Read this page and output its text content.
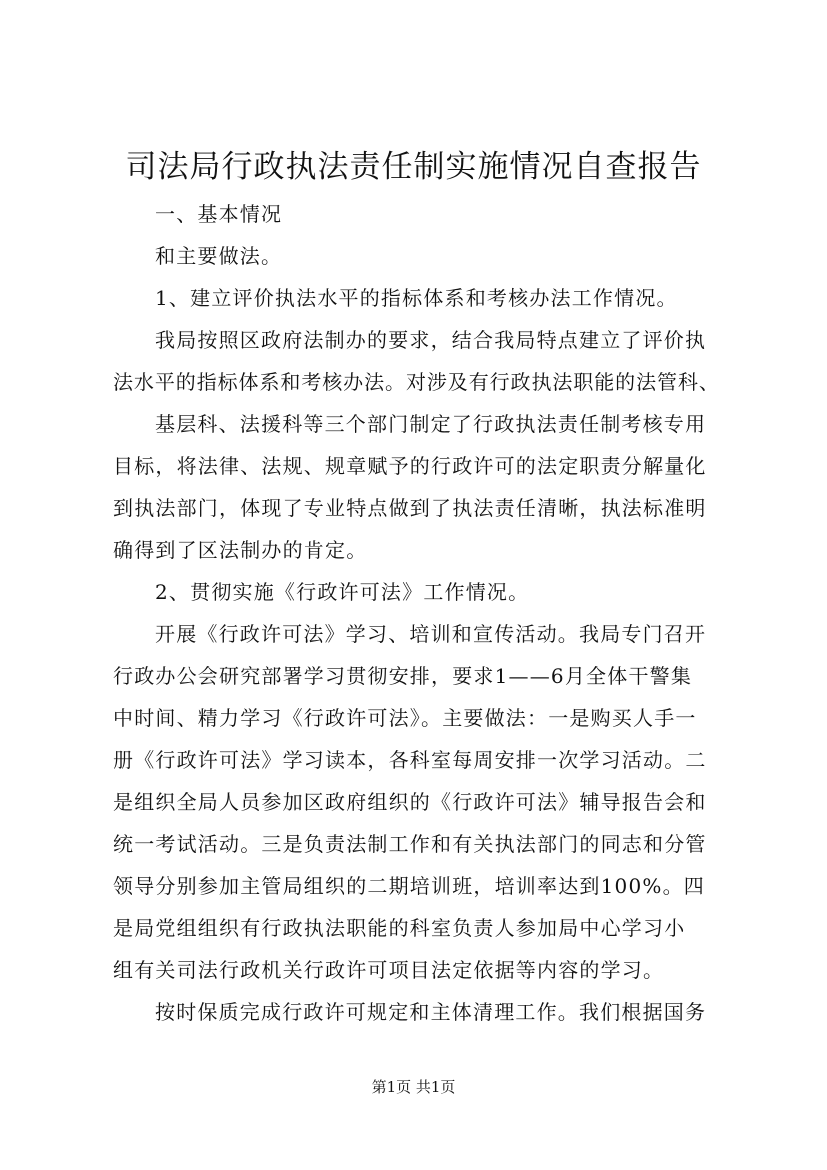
司法局行政执法责任制实施情况自查报告
一、基本情况
和主要做法。
1、建立评价执法水平的指标体系和考核办法工作情况。
我局按照区政府法制办的要求，结合我局特点建立了评价执
法水平的指标体系和考核办法。对涉及有行政执法职能的法管科、
基层科、法援科等三个部门制定了行政执法责任制考核专用
目标，将法律、法规、规章赋予的行政许可的法定职责分解量化
到执法部门，体现了专业特点做到了执法责任清晰，执法标准明
确得到了区法制办的肯定。
2、贯彻实施《行政许可法》工作情况。
开展《行政许可法》学习、培训和宣传活动。我局专门召开
行政办公会研究部署学习贯彻安排，要求1——6月全体干警集
中时间、精力学习《行政许可法》。主要做法：一是购买人手一
册《行政许可法》学习读本，各科室每周安排一次学习活动。二
是组织全局人员参加区政府组织的《行政许可法》辅导报告会和
统一考试活动。三是负责法制工作和有关执法部门的同志和分管
领导分别参加主管局组织的二期培训班，培训率达到100%。四
是局党组组织有行政执法职能的科室负责人参加局中心学习小
组有关司法行政机关行政许可项目法定依据等内容的学习。
按时保质完成行政许可规定和主体清理工作。我们根据国务
第1页 共1页
